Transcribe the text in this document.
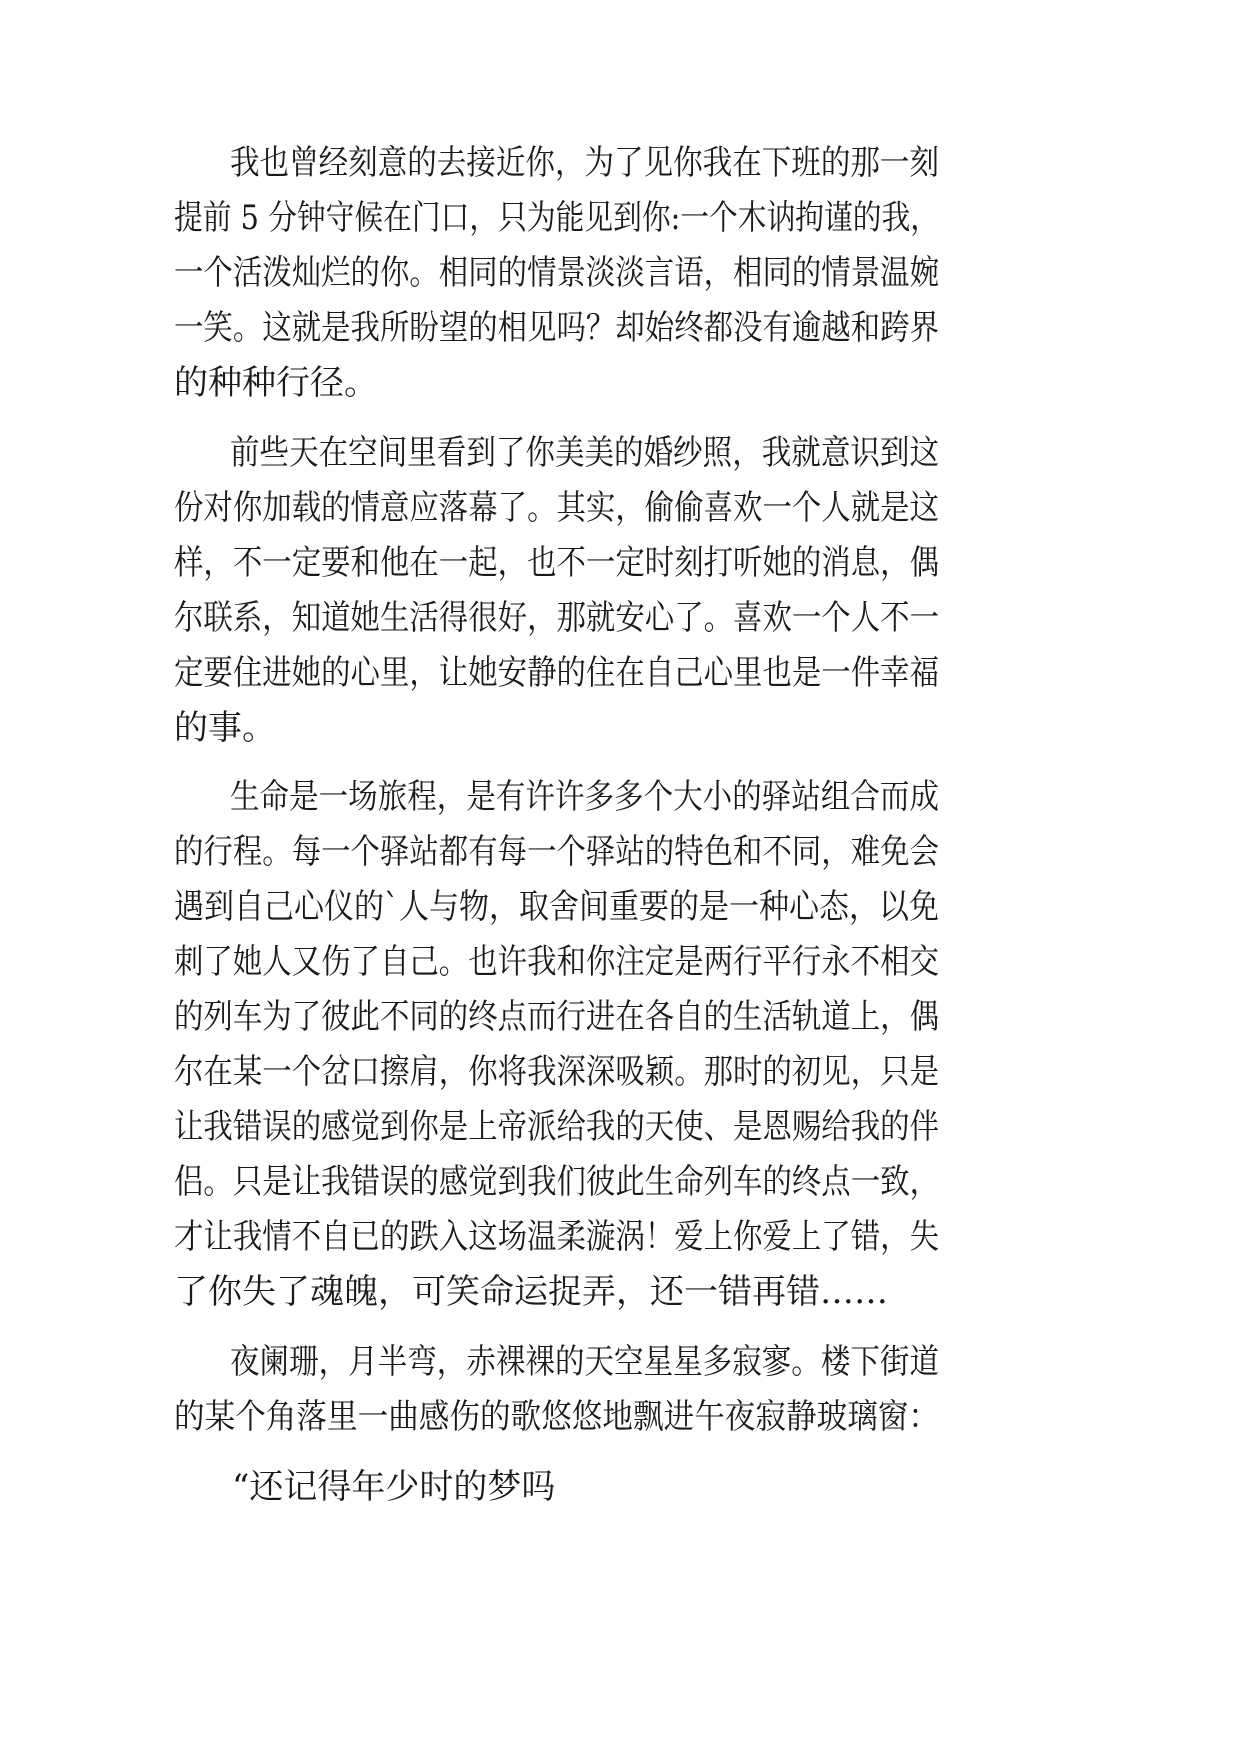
我也曾经刻意的去接近你，为了见你我在下班的那一刻
提前 5 分钟守候在门口，只为能见到你:一个木讷拘谨的我，
一个活泼灿烂的你。相同的情景淡淡言语，相同的情景温婉
一笑。这就是我所盼望的相见吗？却始终都没有逾越和跨界
的种种行径。
前些天在空间里看到了你美美的婚纱照，我就意识到这
份对你加载的情意应落幕了。其实，偷偷喜欢一个人就是这
样，不一定要和他在一起，也不一定时刻打听她的消息，偶
尔联系，知道她生活得很好，那就安心了。喜欢一个人不一
定要住进她的心里，让她安静的住在自己心里也是一件幸福
的事。
生命是一场旅程，是有许许多多个大小的驿站组合而成
的行程。每一个驿站都有每一个驿站的特色和不同，难免会
遇到自己心仪的`人与物，取舍间重要的是一种心态，以免
刺了她人又伤了自己。也许我和你注定是两行平行永不相交
的列车为了彼此不同的终点而行进在各自的生活轨道上，偶
尔在某一个岔口擦肩，你将我深深吸颖。那时的初见，只是
让我错误的感觉到你是上帝派给我的天使、是恩赐给我的伴
侣。只是让我错误的感觉到我们彼此生命列车的终点一致，
才让我情不自已的跌入这场温柔漩涡！爱上你爱上了错，失
了你失了魂魄，可笑命运捉弄，还一错再错……
夜阑珊，月半弯，赤裸裸的天空星星多寂寥。楼下街道
的某个角落里一曲感伤的歌悠悠地飘进午夜寂静玻璃窗：
“还记得年少时的梦吗
